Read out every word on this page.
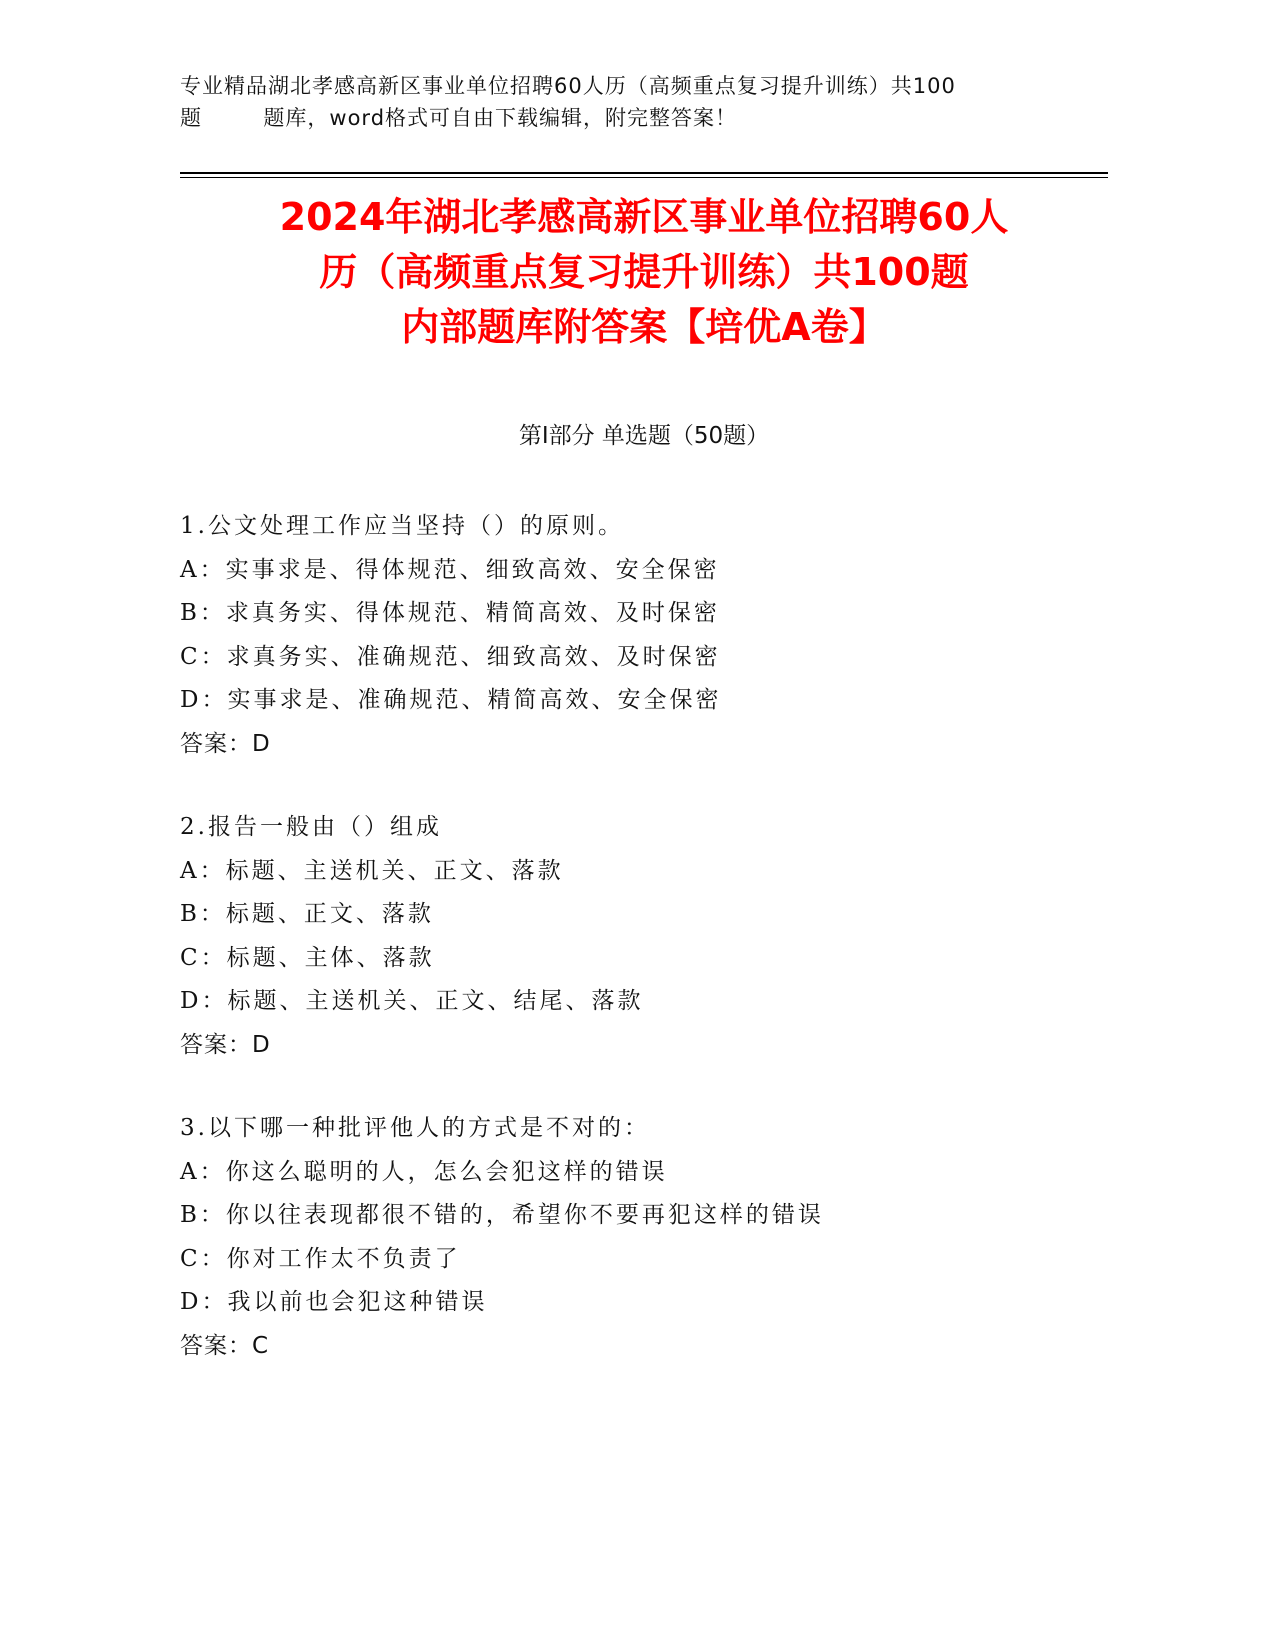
专业精品湖北孝感高新区事业单位招聘60人历（高频重点复习提升训练）共100
题        题库，word格式可自由下载编辑，附完整答案！
2024年湖北孝感高新区事业单位招聘60人
历（高频重点复习提升训练）共100题
内部题库附答案【培优A卷】
第Ⅰ部分 单选题（50题）
1.公文处理工作应当坚持（）的原则。
A：实事求是、得体规范、细致高效、安全保密
B：求真务实、得体规范、精简高效、及时保密
C：求真务实、准确规范、细致高效、及时保密
D：实事求是、准确规范、精简高效、安全保密
答案：D
2.报告一般由（）组成
A：标题、主送机关、正文、落款
B：标题、正文、落款
C：标题、主体、落款
D：标题、主送机关、正文、结尾、落款
答案：D
3.以下哪一种批评他人的方式是不对的：
A：你这么聪明的人，怎么会犯这样的错误
B：你以往表现都很不错的，希望你不要再犯这样的错误
C：你对工作太不负责了
D：我以前也会犯这种错误
答案：C
